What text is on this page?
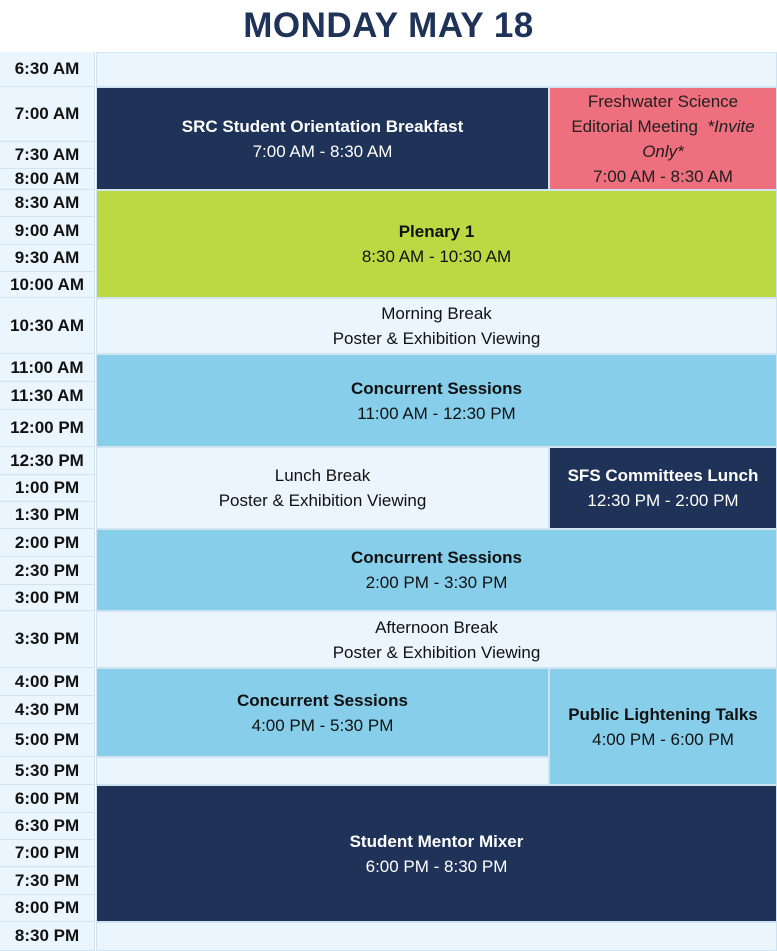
MONDAY MAY 18
6:30 AM
7:00 AM
7:30 AM
8:00 AM
8:30 AM
9:00 AM
9:30 AM
10:00 AM
10:30 AM
11:00 AM
11:30 AM
12:00 PM
12:30 PM
1:00 PM
1:30 PM
2:00 PM
2:30 PM
3:00 PM
3:30 PM
4:00 PM
4:30 PM
5:00 PM
5:30 PM
6:00 PM
6:30 PM
7:00 PM
7:30 PM
8:00 PM
8:30 PM
SRC Student Orientation Breakfast
7:00 AM - 8:30 AM
Freshwater Science
Editorial Meeting *Invite Only*
7:00 AM - 8:30 AM
Plenary 1
8:30 AM - 10:30 AM
Morning Break
Poster & Exhibition Viewing
Concurrent Sessions
11:00 AM - 12:30 PM
Lunch Break
Poster & Exhibition Viewing
SFS Committees Lunch
12:30 PM - 2:00 PM
Concurrent Sessions
2:00 PM - 3:30 PM
Afternoon Break
Poster & Exhibition Viewing
Concurrent Sessions
4:00 PM - 5:30 PM
Public Lightening Talks
4:00 PM - 6:00 PM
Student Mentor Mixer
6:00 PM - 8:30 PM
